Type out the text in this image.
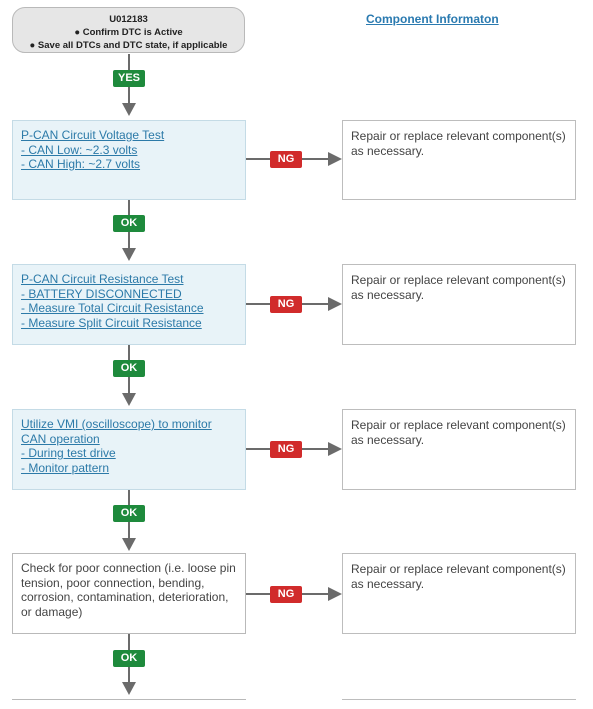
U012183
● Confirm DTC is Active
● Save all DTCs and DTC state, if applicable
Component Informaton
YES
P-CAN Circuit Voltage Test
- CAN Low: ~2.3 volts
- CAN High: ~2.7 volts	NG
Repair or replace relevant component(s) as necessary.
OK
P-CAN Circuit Resistance Test
- BATTERY DISCONNECTED
- Measure Total Circuit Resistance
- Measure Split Circuit Resistance
NG
Repair or replace relevant component(s) as necessary.
OK
Utilize VMI (oscilloscope) to monitor CAN operation
- During test drive
- Monitor pattern
NG
Repair or replace relevant component(s) as necessary.
OK
Check for poor connection (i.e. loose pin tension, poor connection, bending, corrosion, contamination, deterioration, or damage)
NG
Repair or replace relevant component(s) as necessary.
OK
